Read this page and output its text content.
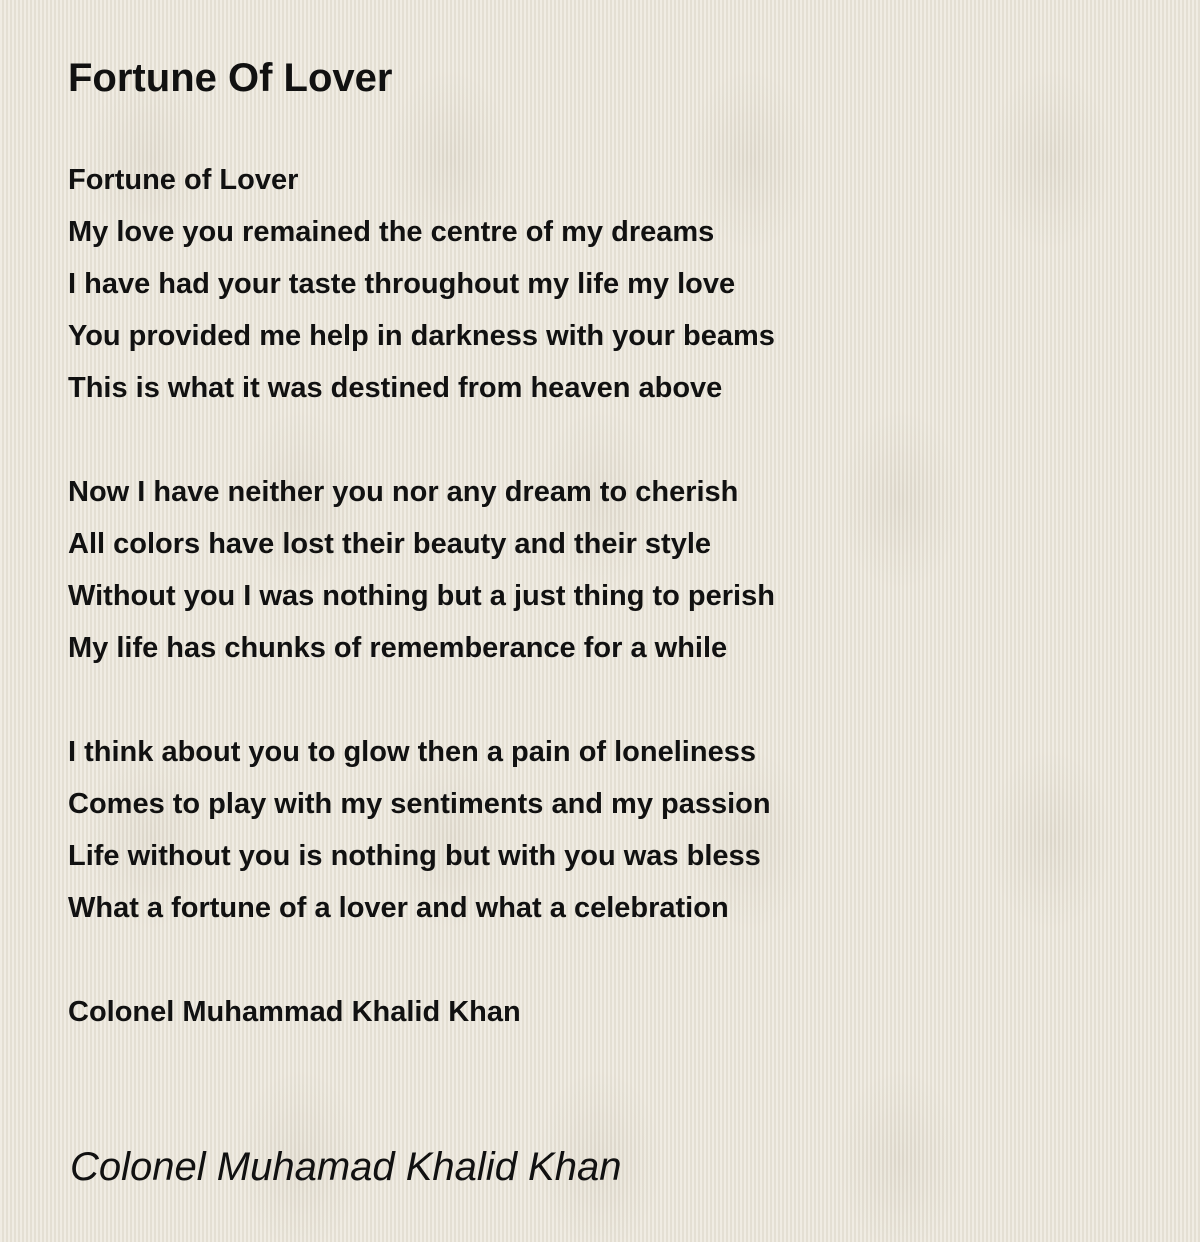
Fortune Of Lover
Fortune of Lover
My love you remained the centre of my dreams
I have had your taste throughout my life my love
You provided me help in darkness with your beams
This is what it was destined from heaven above
Now I have neither you nor any dream to cherish
All colors have lost their beauty and their style
Without you I was nothing but a just thing to perish
My life has chunks of rememberance for a while
I think about you to glow then a pain of loneliness
Comes to play with my sentiments and my passion
Life without you is nothing but with you was bless
What a fortune of a lover and what a celebration
Colonel Muhammad Khalid Khan
Colonel Muhamad Khalid Khan
